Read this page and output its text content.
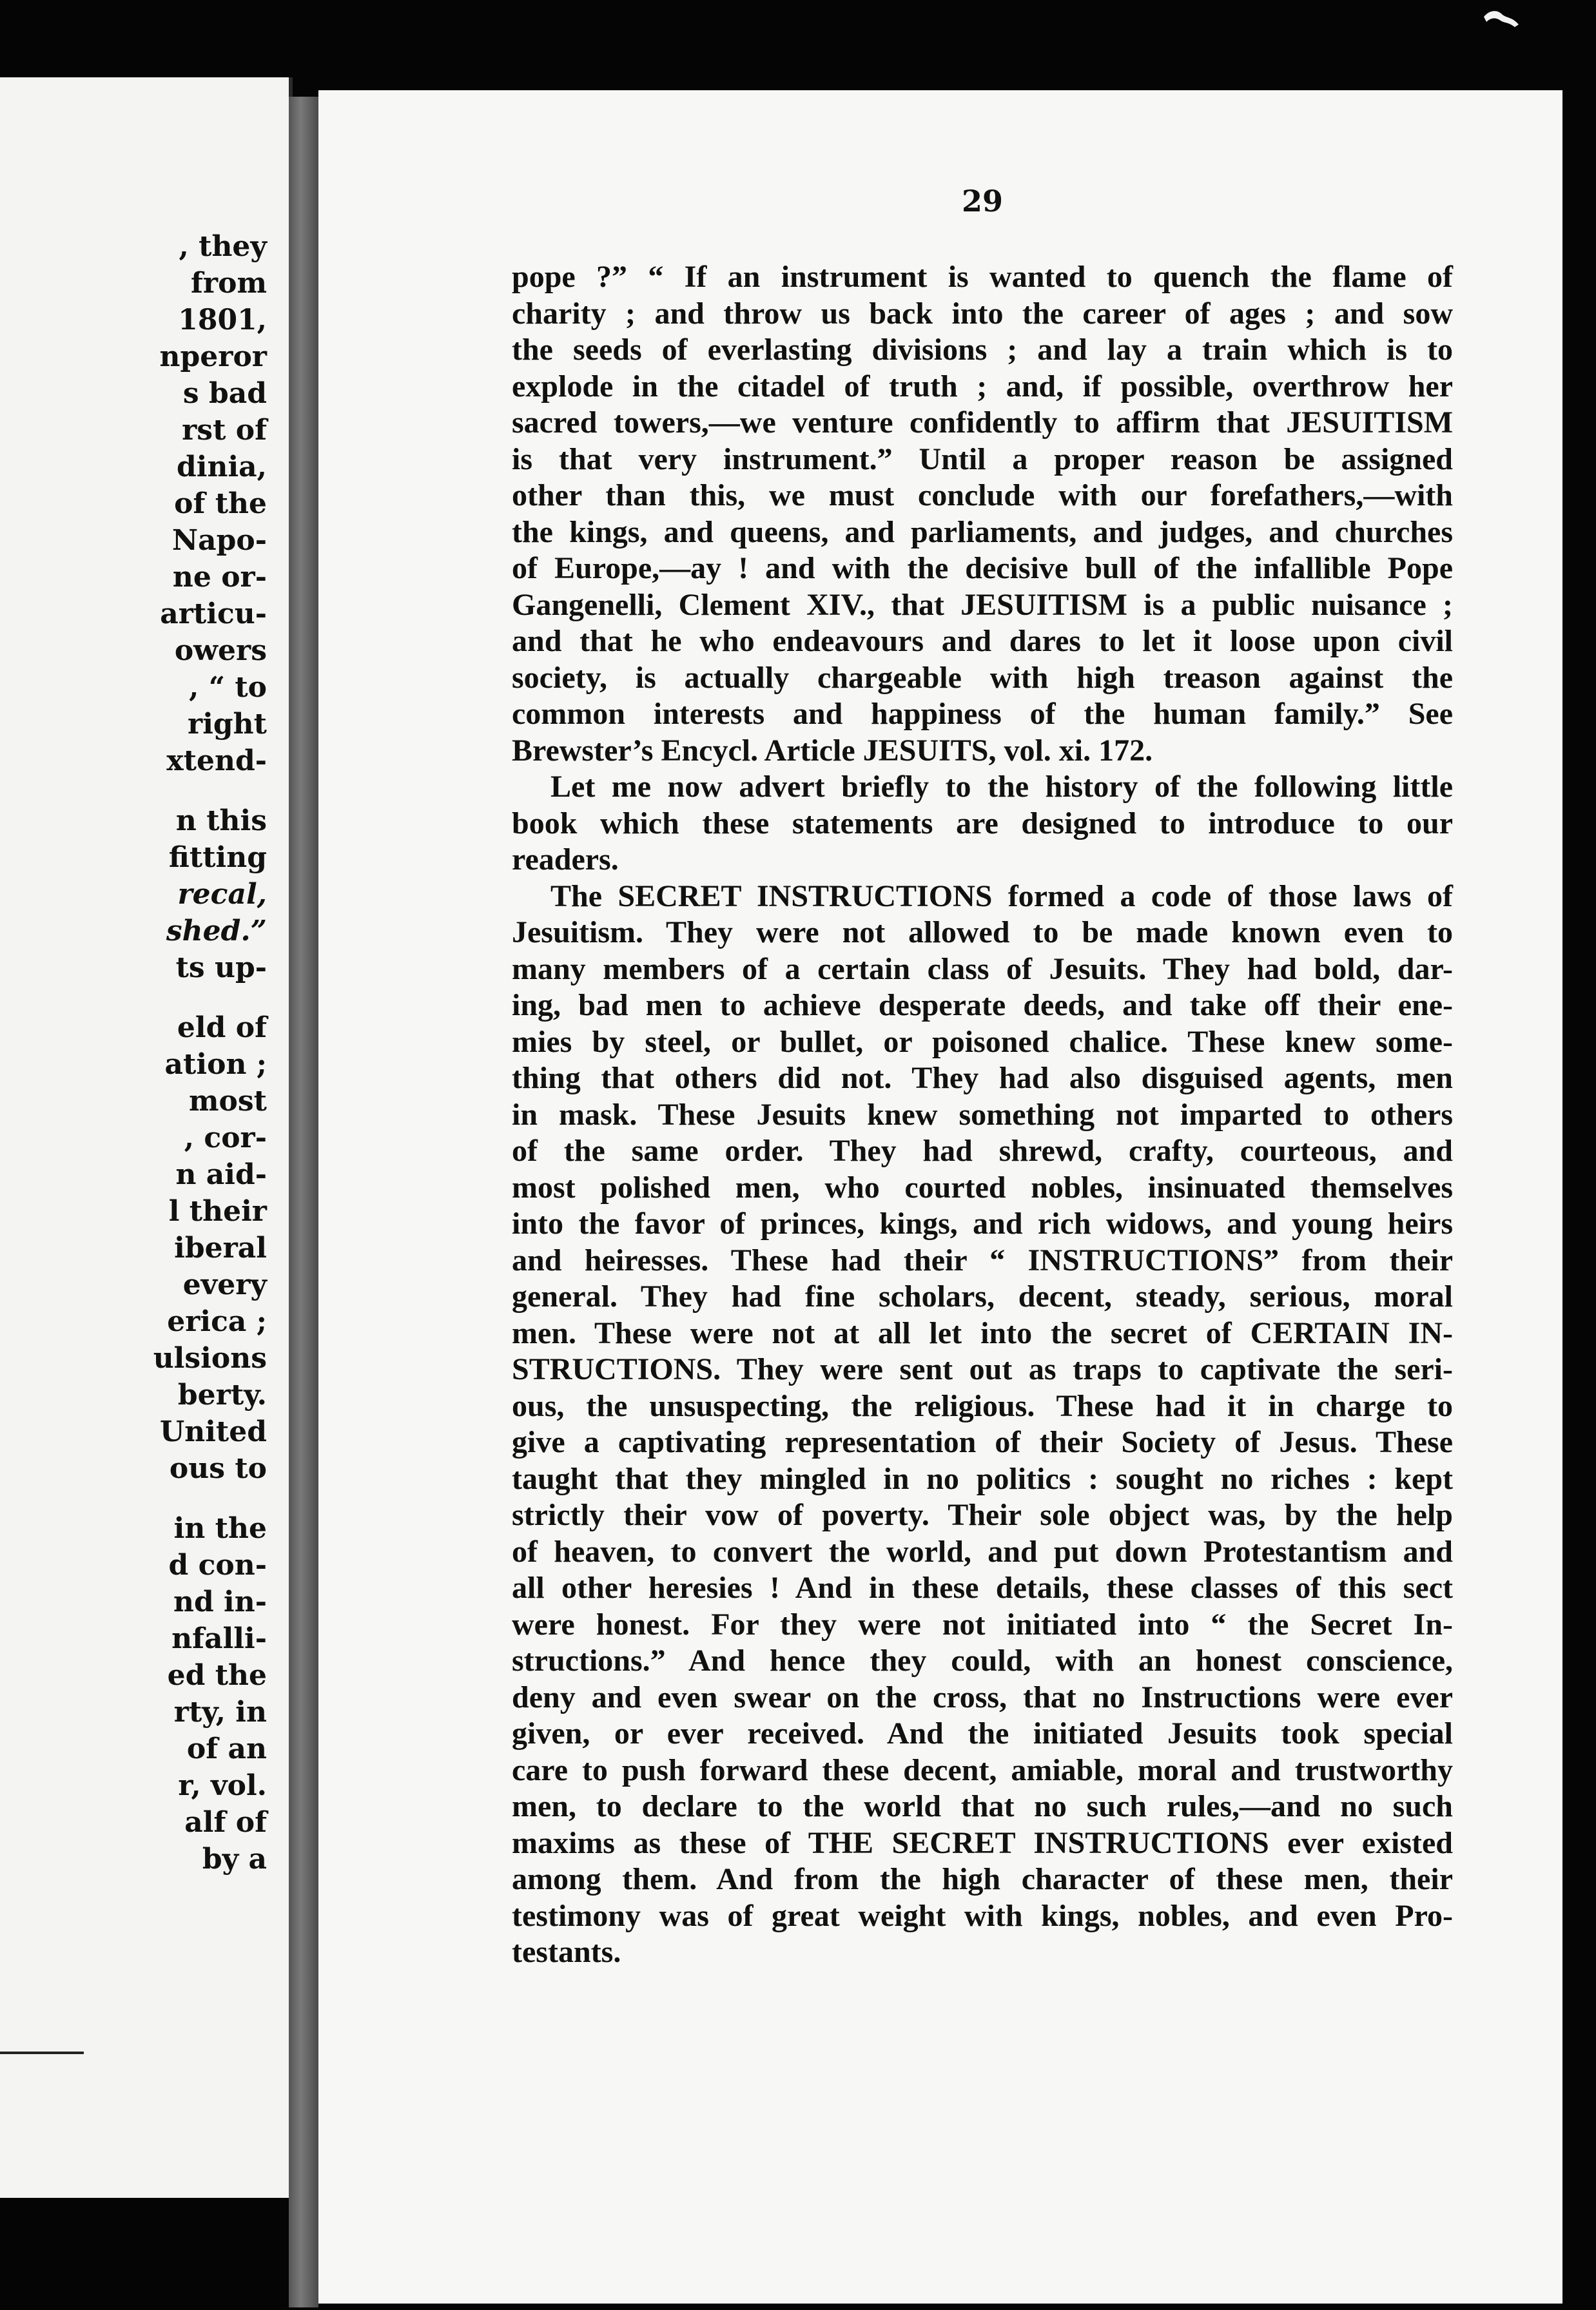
, they
from
1801,
nperor
s bad
rst of
dinia,
of the
Napo-
ne or-
articu-
owers
, “ to
right
xtend-
n this
fitting
recal,
shed.”
ts up-
eld of
ation ;
most
, cor-
n aid-
l their
iberal
every
erica ;
ulsions
berty.
United
ous to
in the
d con-
nd in-
nfalli-
ed the
rty, in
of an
r, vol.
alf of
by a
29
pope ?” “ If an instrument is wanted to quench the flame of
charity ; and throw us back into the career of ages ; and sow
the seeds of everlasting divisions ; and lay a train which is to
explode in the citadel of truth ; and, if possible, overthrow her
sacred towers,—we venture confidently to affirm that JESUITISM
is that very instrument.” Until a proper reason be assigned
other than this, we must conclude with our forefathers,—with
the kings, and queens, and parliaments, and judges, and churches
of Europe,—ay ! and with the decisive bull of the infallible Pope
Gangenelli, Clement XIV., that JESUITISM is a public nuisance ;
and that he who endeavours and dares to let it loose upon civil
society, is actually chargeable with high treason against the
common interests and happiness of the human family.” See
Brewster’s Encycl. Article JESUITS, vol. xi. 172.
Let me now advert briefly to the history of the following little
book which these statements are designed to introduce to our
readers.
The SECRET INSTRUCTIONS formed a code of those laws of
Jesuitism. They were not allowed to be made known even to
many members of a certain class of Jesuits. They had bold, dar-
ing, bad men to achieve desperate deeds, and take off their ene-
mies by steel, or bullet, or poisoned chalice. These knew some-
thing that others did not. They had also disguised agents, men
in mask. These Jesuits knew something not imparted to others
of the same order. They had shrewd, crafty, courteous, and
most polished men, who courted nobles, insinuated themselves
into the favor of princes, kings, and rich widows, and young heirs
and heiresses. These had their “ INSTRUCTIONS” from their
general. They had fine scholars, decent, steady, serious, moral
men. These were not at all let into the secret of CERTAIN IN-
STRUCTIONS. They were sent out as traps to captivate the seri-
ous, the unsuspecting, the religious. These had it in charge to
give a captivating representation of their Society of Jesus. These
taught that they mingled in no politics : sought no riches : kept
strictly their vow of poverty. Their sole object was, by the help
of heaven, to convert the world, and put down Protestantism and
all other heresies ! And in these details, these classes of this sect
were honest. For they were not initiated into “ the Secret In-
structions.” And hence they could, with an honest conscience,
deny and even swear on the cross, that no Instructions were ever
given, or ever received. And the initiated Jesuits took special
care to push forward these decent, amiable, moral and trustworthy
men, to declare to the world that no such rules,—and no such
maxims as these of THE SECRET INSTRUCTIONS ever existed
among them. And from the high character of these men, their
testimony was of great weight with kings, nobles, and even Pro-
testants.
